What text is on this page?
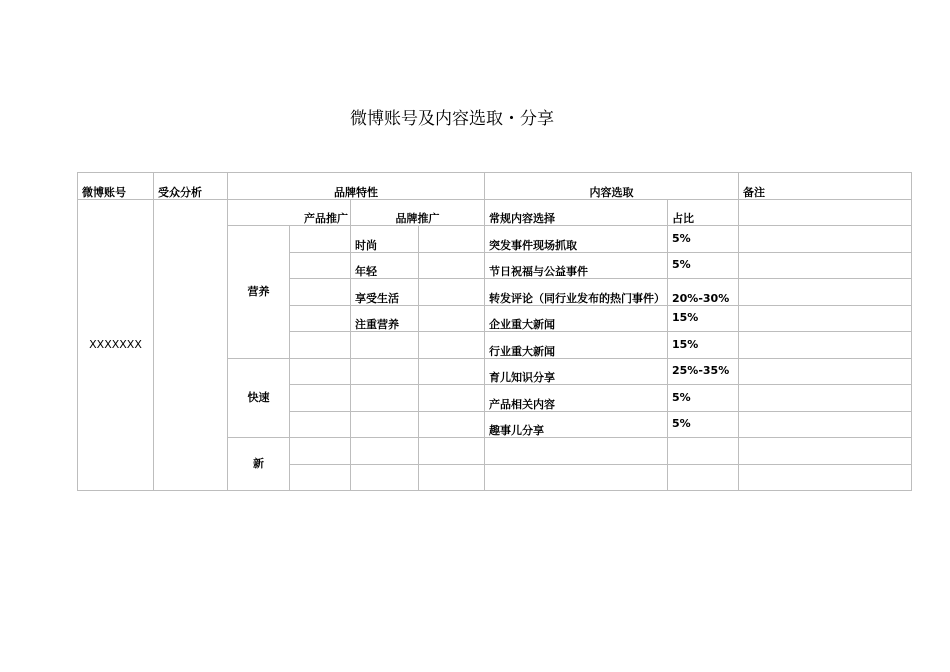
微博账号及内容选取・分享
微博账号	受众分析	品牌特性				内容选取		备注
XXXXXXX		产品推广		品牌推广		常规内容选择	占比	
		营养		时尚		突发事件现场抓取	5%	
				年轻		节日祝福与公益事件	5%	
				享受生活		转发评论（同行业发布的热门事件）	20%-30%	
				注重营养		企业重大新闻	15%	
						行业重大新闻	15%	
		快速				育儿知识分享	25%-35%	
						产品相关内容	5%	
						趣事儿分享	5%	
		新						
